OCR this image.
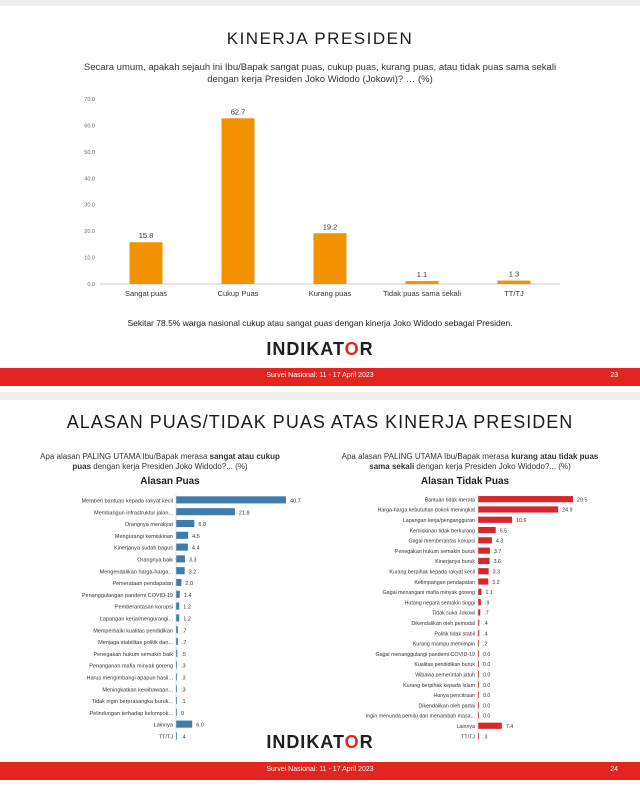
KINERJA PRESIDEN
Secara umum, apakah sejauh ini Ibu/Bapak sangat puas, cukup puas, kurang puas, atau tidak puas sama sekali dengan kerja Presiden Joko Widodo (Jokowi)? … (%)
0.0
10.0
20.0
30.0
40.0
50.0
60.0
70.0
15.8
Sangat puas
62.7
Cukup Puas
19.2
Kurang puas
1.1
Tidak puas sama sekali
1.3
TT/TJ
Sekitar 78.5% warga nasional cukup atau sangat puas dengan kinerja Joko Widodo sebagai Presiden.
INDIKATOR
Survei Nasional: 11 - 17 April 2023	23
ALASAN PUAS/TIDAK PUAS ATAS KINERJA PRESIDEN
Apa alasan PALING UTAMA Ibu/Bapak merasa sangat atau cukup puas dengan kerja Presiden Joko Widodo?... (%)
Apa alasan PALING UTAMA Ibu/Bapak merasa kurang atau tidak puas sama sekali dengan kerja Presiden Joko Widodo?... (%)
Alasan Puas	Alasan Tidak Puas
Memberi bantuan kepada rakyat kecil	40.7
Membangun infrastruktur jalan...	21.8
Orangnya merakyat	6.8
Mengurangi kemiskinan	4.5
Kinerjanya sudah bagus	4.4
Orangnya baik	3.3
Mengendalikan harga-harga...	3.2
Pemerataan pendapatan 2.0
Penanggulangan pandemi COVID-19 1.4
Pemberantasan korupsi 1.2
Lapangan kerja/mengurangi... 1.2
Memperbaiki kualitas pendidikan .7
Menjaga stabilitas politik dan... .7
Penegakan hukum semakin baik .5
Penanganan mafia minyak goreng .3
Harus mengimbangi apapun hasil... .3
Meningkatkan kewibawaan... .3
Tidak ingin berprasangka buruk... .1
Pelindungan terhadap kelompok... 0
Lainnya	6.0
TT/TJ .4
Bantuan tidak merata	29.5
Harga-harga kebutuhan pokok meningkat	24.9
Lapangan kerja/pengangguran	10.6
Kemiskinan tidak berkurang	5.5
Gagal memberantas korupsi	4.3
Penegakan hukum semakin buruk	3.7
Kinerjanya buruk	3.6
Kurang berpihak kepada rakyat kecil	3.3
Ketimpangan pendapatan	3.2
Gagal menangani mafia minyak goreng 1.1
Hutang negara semakin tinggi .9
Tidak suka Jokowi .7
Dikendalikan oleh pemodal .4
Politik tidak stabil .4
Kurang mampu memimpin .2
Gagal menanggulangi pandemi COVID-19 0.0
Kualitas pendidikan buruk 0.0
Wibawa pemerintah jatuh 0.0
Kurang berpihak kepada Islam 0.0
Hanya pencitraan 0.0
Dikendalikan oleh partai 0.0
Ingin menunda pemilu dan menambah masa... 0.0
Lainnya	7.4
TT/TJ .3
INDIKATOR
Survei Nasional: 11 - 17 April 2023	24
